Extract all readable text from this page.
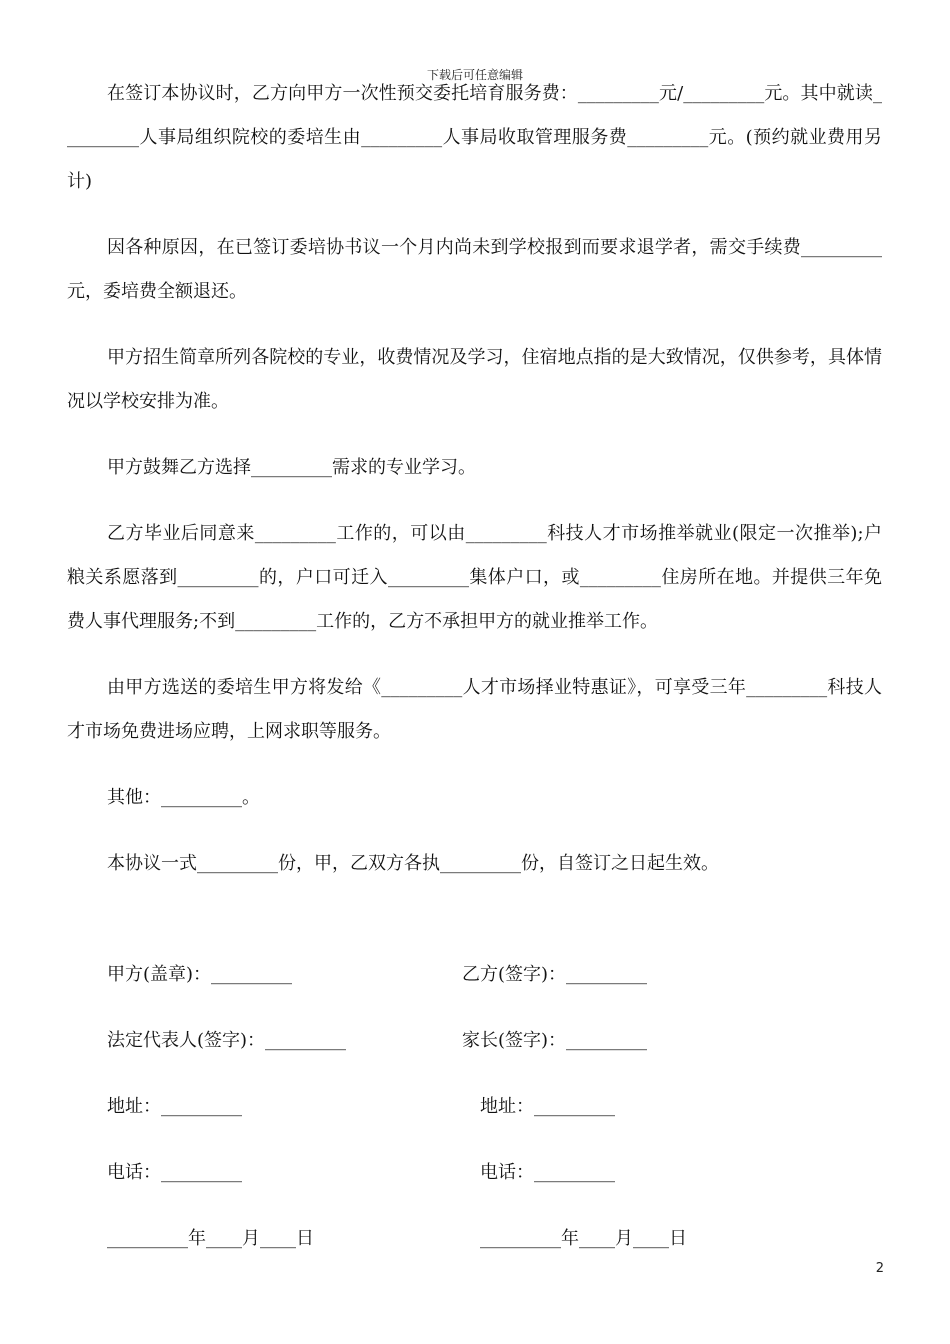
下载后可任意编辑

在签订本协议时，乙方向甲方一次性预交委托培育服务费：_________元/_________元。其中就读_________人事局组织院校的委培生由_________人事局收取管理服务费_________元。(预约就业费用另计)

因各种原因，在已签订委培协书议一个月内尚未到学校报到而要求退学者，需交手续费_________元，委培费全额退还。

甲方招生简章所列各院校的专业，收费情况及学习，住宿地点指的是大致情况，仅供参考，具体情况以学校安排为准。

甲方鼓舞乙方选择_________需求的专业学习。

乙方毕业后同意来_________工作的，可以由_________科技人才市场推举就业(限定一次推举);户粮关系愿落到_________的，户口可迁入_________集体户口，或_________住房所在地。并提供三年免费人事代理服务;不到_________工作的，乙方不承担甲方的就业推举工作。

由甲方选送的委培生甲方将发给《_________人才市场择业特惠证》，可享受三年_________科技人才市场免费进场应聘，上网求职等服务。

其他：_________。

本协议一式_________份，甲，乙双方各执_________份，自签订之日起生效。

甲方(盖章)：_________	乙方(签字)：_________
法定代表人(签字)：_________	家长(签字)：_________
地址：_________	地址：_________
电话：_________	电话：_________
_________年____月____日	_________年____月____日
2
